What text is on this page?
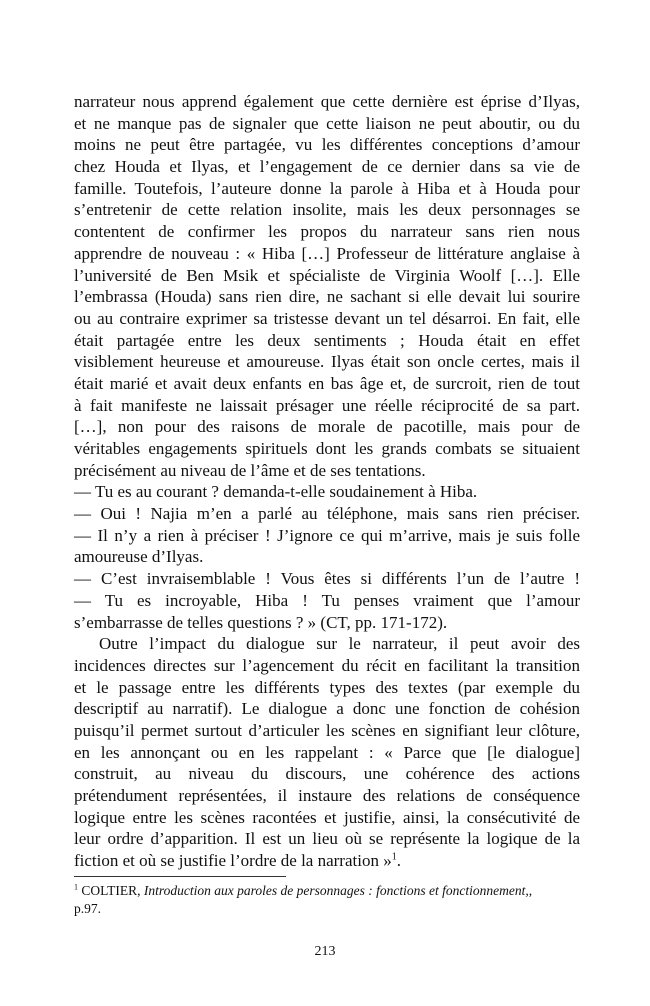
narrateur nous apprend également que cette dernière est éprise d’Ilyas,
et ne manque pas de signaler que cette liaison ne peut aboutir, ou du
moins ne peut être partagée, vu les différentes conceptions d’amour
chez Houda et Ilyas, et l’engagement de ce dernier dans sa vie de
famille. Toutefois, l’auteure donne la parole à Hiba et à Houda pour
s’entretenir de cette relation insolite, mais les deux personnages se
contentent de confirmer les propos du narrateur sans rien nous
apprendre de nouveau : « Hiba […] Professeur de littérature anglaise à
l’université de Ben Msik et spécialiste de Virginia Woolf […]. Elle
l’embrassa (Houda) sans rien dire, ne sachant si elle devait lui sourire
ou au contraire exprimer sa tristesse devant un tel désarroi. En fait, elle
était partagée entre les deux sentiments ; Houda était en effet
visiblement heureuse et amoureuse. Ilyas était son oncle certes, mais il
était marié et avait deux enfants en bas âge et, de surcroit, rien de tout
à fait manifeste ne laissait présager une réelle réciprocité de sa part.
[…], non pour des raisons de morale de pacotille, mais pour de
véritables engagements spirituels dont les grands combats se situaient
précisément au niveau de l’âme et de ses tentations.
— Tu es au courant ? demanda-t-elle soudainement à Hiba.
— Oui ! Najia m’en a parlé au téléphone, mais sans rien préciser.
— Il n’y a rien à préciser ! J’ignore ce qui m’arrive, mais je suis folle
amoureuse d’Ilyas.
— C’est invraisemblable ! Vous êtes si différents l’un de l’autre !
— Tu es incroyable, Hiba ! Tu penses vraiment que l’amour
s’embarrasse de telles questions ? » (CT, pp. 171-172).
Outre l’impact du dialogue sur le narrateur, il peut avoir des
incidences directes sur l’agencement du récit en facilitant la transition
et le passage entre les différents types des textes (par exemple du
descriptif au narratif). Le dialogue a donc une fonction de cohésion
puisqu’il permet surtout d’articuler les scènes en signifiant leur clôture,
en les annonçant ou en les rappelant : « Parce que [le dialogue]
construit, au niveau du discours, une cohérence des actions
prétendument représentées, il instaure des relations de conséquence
logique entre les scènes racontées et justifie, ainsi, la consécutivité de
leur ordre d’apparition. Il est un lieu où se représente la logique de la
fiction et où se justifie l’ordre de la narration »$^1$.
$^1$ COLTIER, Introduction aux paroles de personnages : fonctions et fonctionnement,,
p.97.
213
